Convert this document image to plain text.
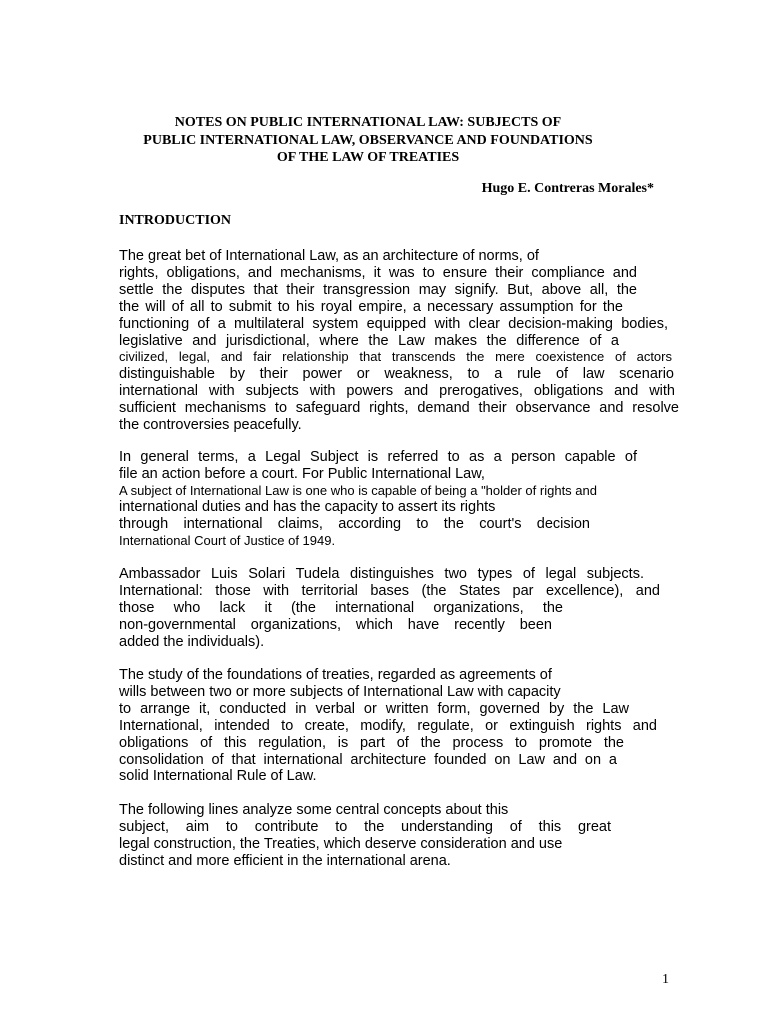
NOTES ON PUBLIC INTERNATIONAL LAW: SUBJECTS OF
PUBLIC INTERNATIONAL LAW, OBSERVANCE AND FOUNDATIONS
OF THE LAW OF TREATIES
Hugo E. Contreras Morales*
INTRODUCTION
The great bet of International Law, as an architecture of norms, of
rights, obligations, and mechanisms, it was to ensure their compliance and
settle the disputes that their transgression may signify. But, above all, the
the will of all to submit to his royal empire, a necessary assumption for the
functioning of a multilateral system equipped with clear decision-making bodies,
legislative and jurisdictional, where the Law makes the difference of a
civilized, legal, and fair relationship that transcends the mere coexistence of actors
distinguishable by their power or weakness, to a rule of law scenario
international with subjects with powers and prerogatives, obligations and with
sufficient mechanisms to safeguard rights, demand their observance and resolve
the controversies peacefully.
In general terms, a Legal Subject is referred to as a person capable of
file an action before a court. For Public International Law,
A subject of International Law is one who is capable of being a "holder of rights and
international duties and has the capacity to assert its rights
through international claims, according to the court's decision
International Court of Justice of 1949.
Ambassador Luis Solari Tudela distinguishes two types of legal subjects.
International: those with territorial bases (the States par excellence), and
those who lack it (the international organizations, the
non-governmental organizations, which have recently been
added the individuals).
The study of the foundations of treaties, regarded as agreements of
wills between two or more subjects of International Law with capacity
to arrange it, conducted in verbal or written form, governed by the Law
International, intended to create, modify, regulate, or extinguish rights and
obligations of this regulation, is part of the process to promote the
consolidation of that international architecture founded on Law and on a
solid International Rule of Law.
The following lines analyze some central concepts about this
subject, aim to contribute to the understanding of this great
legal construction, the Treaties, which deserve consideration and use
distinct and more efficient in the international arena.
1
